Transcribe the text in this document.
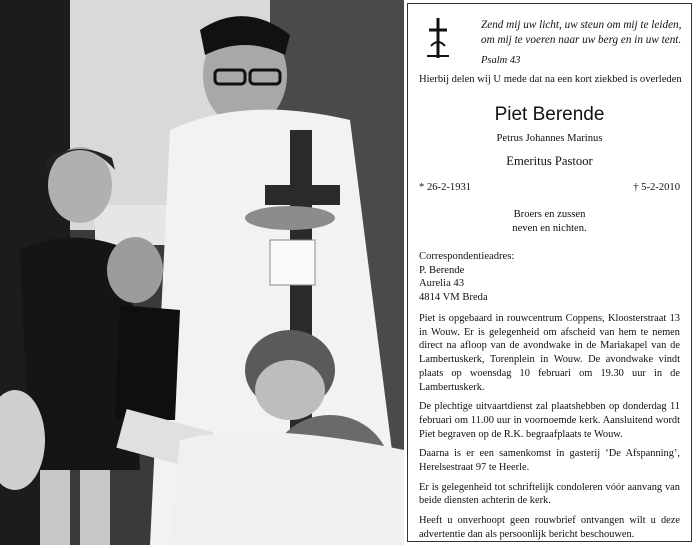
Zend mij uw licht, uw steun om mij te leiden,
om mij te voeren naar uw berg en in uw tent.
Psalm 43
Hierbij delen wij U mede dat na een kort ziekbed is overleden
Piet Berende
Petrus Johannes Marinus
Emeritus Pastoor
* 26-2-1931	† 5-2-2010
Broers en zussen
neven en nichten.
Correspondentieadres:
P. Berende
Aurelia 43
4814 VM Breda

Piet is opgebaard in rouwcentrum Coppens, Kloosterstraat 13 in Wouw. Er is gelegenheid om afscheid van hem te nemen direct na afloop van de avondwake in de Mariakapel van de Lambertuskerk, Torenplein in Wouw. De avondwake vindt plaats op woensdag 10 februari om 19.30 uur in de Lambertuskerk.

De plechtige uitvaartdienst zal plaatshebben op donderdag 11 februari om 11.00 uur in voornoemde kerk. Aansluitend wordt Piet begraven op de R.K. begraafplaats te Wouw.

Daarna is er een samenkomst in gasterij ‘De Afspanning’, Herelsestraat 97 te Heerle.

Er is gelegenheid tot schriftelijk condoleren vóór aanvang van beide diensten achterin de kerk.

Heeft u onverhoopt geen rouwbrief ontvangen wilt u deze advertentie dan als persoonlijk bericht beschouwen.
